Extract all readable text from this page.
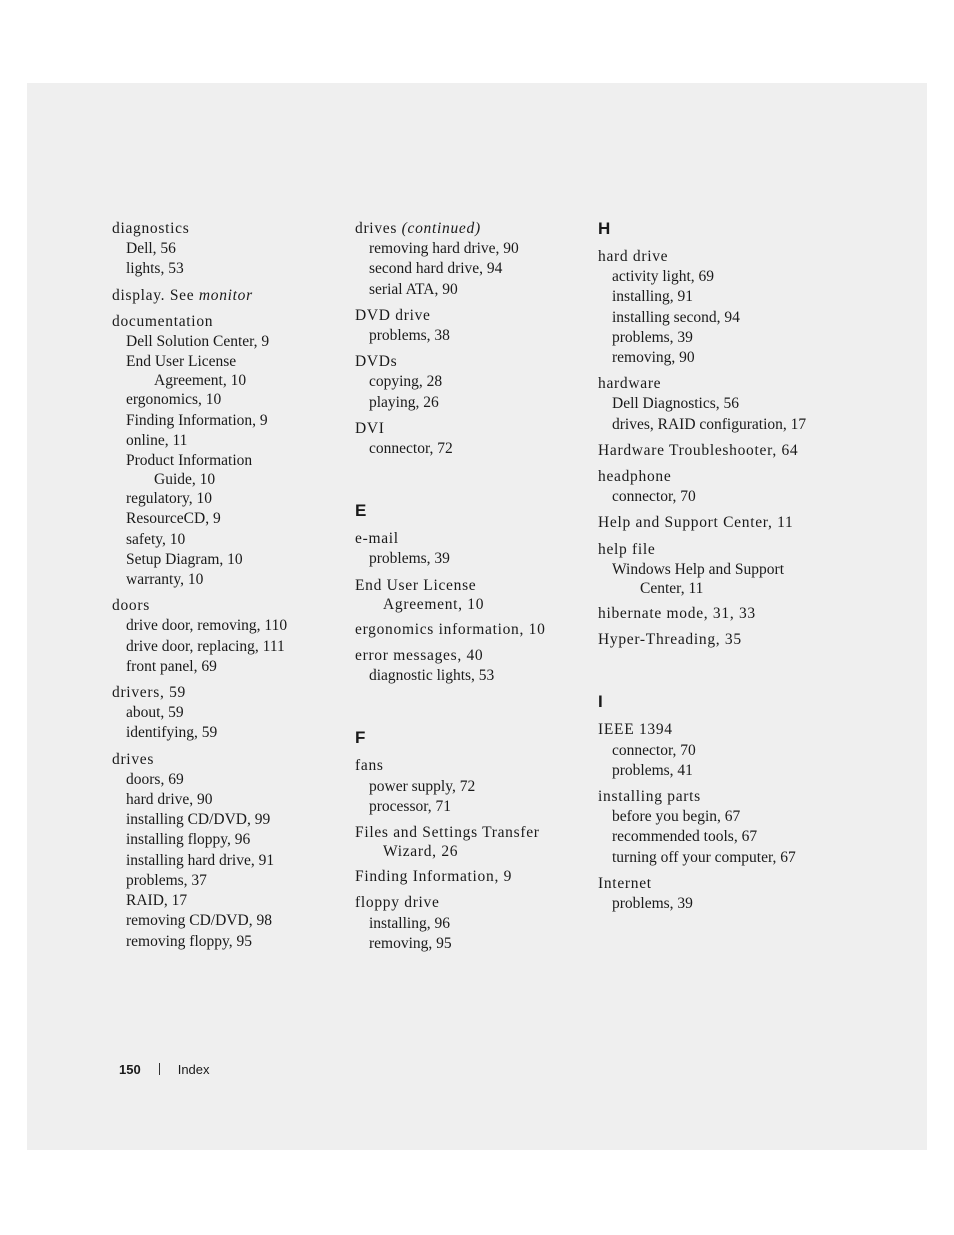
diagnostics
Dell, 56
lights, 53
display. See monitor
documentation
Dell Solution Center, 9
End User License
Agreement, 10
ergonomics, 10
Finding Information, 9
online, 11
Product Information
Guide, 10
regulatory, 10
ResourceCD, 9
safety, 10
Setup Diagram, 10
warranty, 10
doors
drive door, removing, 110
drive door, replacing, 111
front panel, 69
drivers, 59
about, 59
identifying, 59
drives
doors, 69
hard drive, 90
installing CD/DVD, 99
installing floppy, 96
installing hard drive, 91
problems, 37
RAID, 17
removing CD/DVD, 98
removing floppy, 95
drives (continued)
removing hard drive, 90
second hard drive, 94
serial ATA, 90
DVD drive
problems, 38
DVDs
copying, 28
playing, 26
DVI
connector, 72
E
e-mail
problems, 39
End User License
Agreement, 10
ergonomics information, 10
error messages, 40
diagnostic lights, 53
F
fans
power supply, 72
processor, 71
Files and Settings Transfer
Wizard, 26
Finding Information, 9
floppy drive
installing, 96
removing, 95
H
hard drive
activity light, 69
installing, 91
installing second, 94
problems, 39
removing, 90
hardware
Dell Diagnostics, 56
drives, RAID configuration, 17
Hardware Troubleshooter, 64
headphone
connector, 70
Help and Support Center, 11
help file
Windows Help and Support
Center, 11
hibernate mode, 31, 33
Hyper-Threading, 35
I
IEEE 1394
connector, 70
problems, 41
installing parts
before you begin, 67
recommended tools, 67
turning off your computer, 67
Internet
problems, 39
150	Index
